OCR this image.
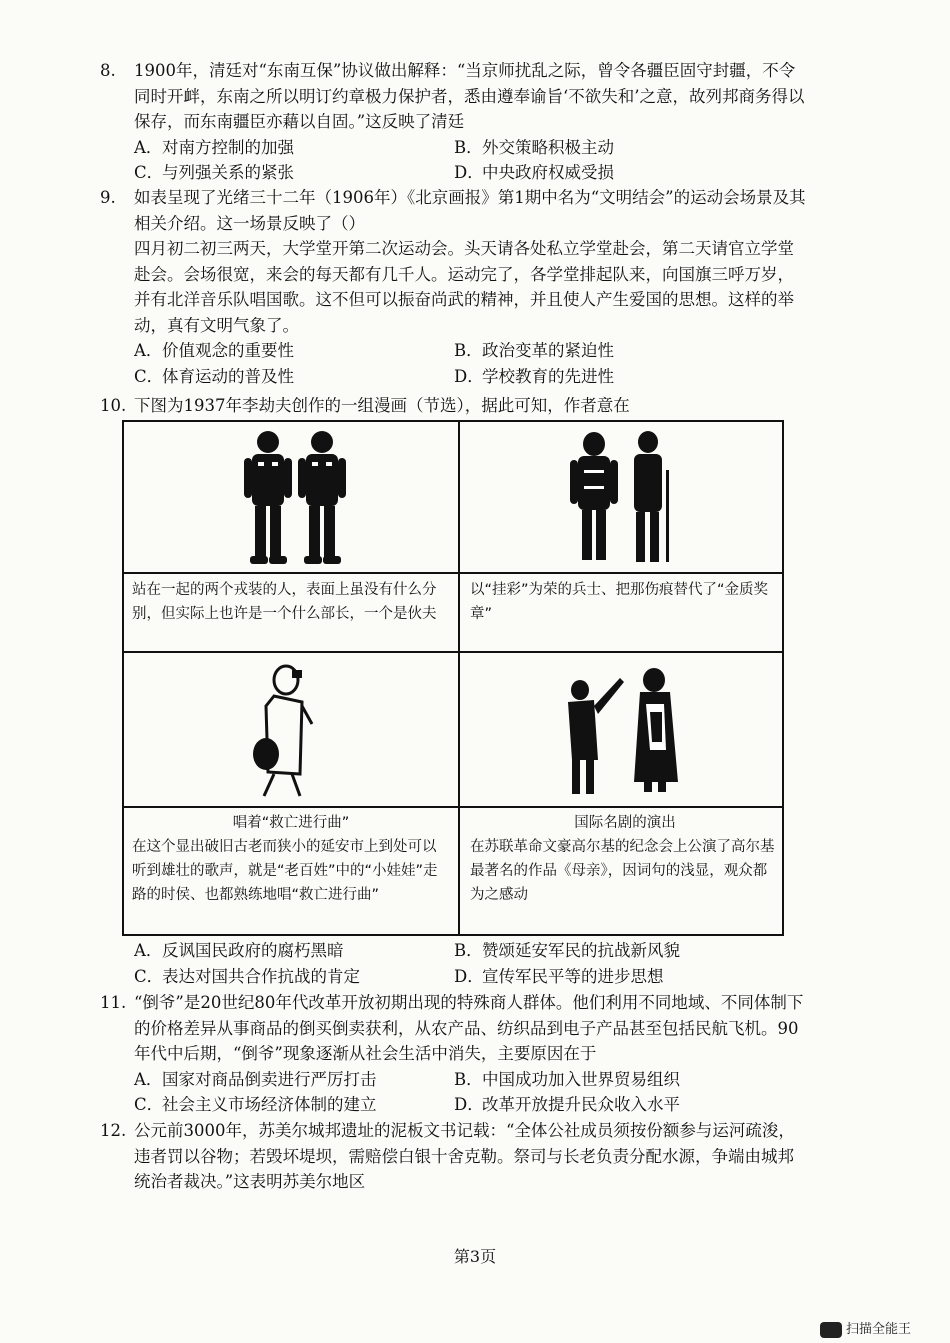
8.	1900年，清廷对“东南互保”协议做出解释：“当京师扰乱之际，曾令各疆臣固守封疆，不令同时开衅，东南之所以明订约章极力保护者，悉由遵奉谕旨‘不欲失和’之意，故列邦商务得以保存，而东南疆臣亦藉以自固。”这反映了清廷
A．对南方控制的加强	B．外交策略积极主动
C．与列强关系的紧张	D．中央政府权威受损
9.	如表呈现了光绪三十二年（1906年）《北京画报》第1期中名为“文明结会”的运动会场景及其相关介绍。这一场景反映了（）
四月初二初三两天，大学堂开第二次运动会。头天请各处私立学堂赴会，第二天请官立学堂赴会。会场很宽，来会的每天都有几千人。运动完了，各学堂排起队来，向国旗三呼万岁，并有北洋音乐队唱国歌。这不但可以振奋尚武的精神，并且使人产生爱国的思想。这样的举动，真有文明气象了。
A．价值观念的重要性	B．政治变革的紧迫性
C．体育运动的普及性	D．学校教育的先进性
10. 下图为1937年李劫夫创作的一组漫画（节选），据此可知，作者意在
站在一起的两个戎装的人，表面上虽没有什么分别，但实际上也许是一个什么部长，一个是伙夫
以“挂彩”为荣的兵士、把那伤痕替代了“金质奖章”
唱着“救亡进行曲”
在这个显出破旧古老而狭小的延安市上到处可以听到雄壮的歌声，就是“老百姓”中的“小娃娃”走路的时侯、也都熟练地唱“救亡进行曲”
国际名剧的演出
在苏联革命文豪高尔基的纪念会上公演了高尔基最著名的作品《母亲》，因词句的浅显，观众都为之感动
A．反讽国民政府的腐朽黑暗	B．赞颂延安军民的抗战新风貌
C．表达对国共合作抗战的肯定	D．宣传军民平等的进步思想
11. “倒爷”是20世纪80年代改革开放初期出现的特殊商人群体。他们利用不同地域、不同体制下的价格差异从事商品的倒买倒卖获利，从农产品、纺织品到电子产品甚至包括民航飞机。90年代中后期，“倒爷”现象逐渐从社会生活中消失，主要原因在于
A．国家对商品倒卖进行严厉打击	B．中国成功加入世界贸易组织
C．社会主义市场经济体制的建立	D．改革开放提升民众收入水平
12. 公元前3000年，苏美尔城邦遗址的泥板文书记载：“全体公社成员须按份额参与运河疏浚，违者罚以谷物；若毁坏堤坝，需赔偿白银十舍克勒。祭司与长老负责分配水源，争端由城邦统治者裁决。”这表明苏美尔地区
第3页
扫描全能王
